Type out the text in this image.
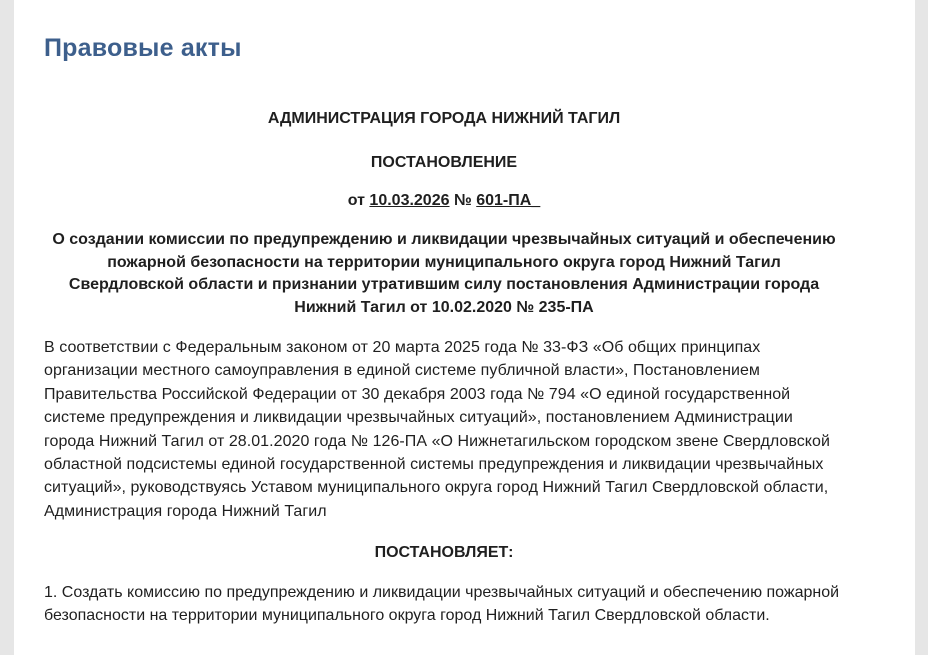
Правовые акты

АДМИНИСТРАЦИЯ ГОРОДА НИЖНИЙ ТАГИЛ

ПОСТАНОВЛЕНИЕ

от 10.03.2026 № 601-ПА_

О создании комиссии по предупреждению и ликвидации чрезвычайных ситуаций и обеспечению пожарной безопасности на территории муниципального округа город Нижний Тагил Свердловской области и признании утратившим силу постановления Администрации города Нижний Тагил от 10.02.2020 № 235-ПА

В соответствии с Федеральным законом от 20 марта 2025 года № 33-ФЗ «Об общих принципах организации местного самоуправления в единой системе публичной власти», Постановлением Правительства Российской Федерации от 30 декабря 2003 года № 794 «О единой государственной системе предупреждения и ликвидации чрезвычайных ситуаций», постановлением Администрации города Нижний Тагил от 28.01.2020 года № 126-ПА «О Нижнетагильском городском звене Свердловской областной подсистемы единой государственной системы предупреждения и ликвидации чрезвычайных ситуаций», руководствуясь Уставом муниципального округа город Нижний Тагил Свердловской области, Администрация города Нижний Тагил

ПОСТАНОВЛЯЕТ:

1. Создать комиссию по предупреждению и ликвидации чрезвычайных ситуаций и обеспечению пожарной безопасности на территории муниципального округа город Нижний Тагил Свердловской области.
